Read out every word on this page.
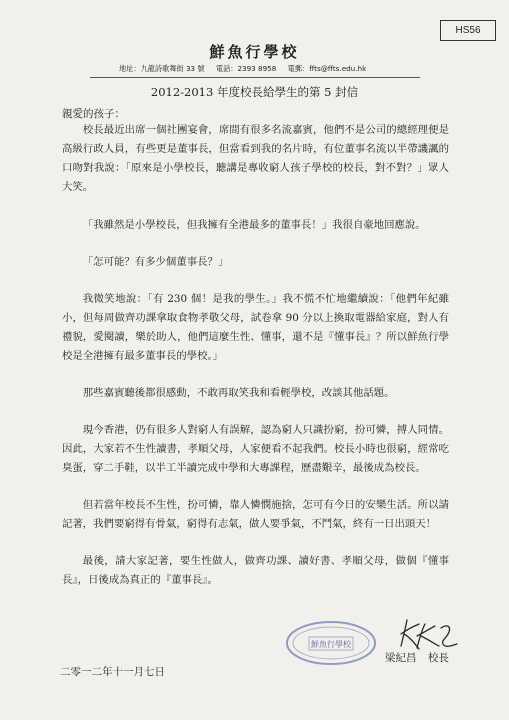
HS56
鮮魚行學校
地址：九龍詩歌舞街 33 號 電話：2393 8958 電郵：ffts@ffts.edu.hk
2012-2013 年度校長給學生的第 5 封信
親愛的孩子：

校長最近出席一個社團宴會，席間有很多名流嘉賓，他們不是公司的總經理便是高級行政人員，有些更是董事長，但當看到我的名片時，有位董事名流以半帶譏諷的口吻對我說：「原來是小學校長，聽講是專收窮人孩子學校的校長，對不對？」眾人大笑。

「我雖然是小學校長，但我擁有全港最多的董事長！」我很自豪地回應說。

「怎可能？有多少個董事長？」

我微笑地說：「有 230 個！是我的學生。」我不慌不忙地繼續說：「他們年紀雖小，但每周做齊功課拿取食物孝敬父母，試卷拿 90 分以上換取電器給家庭，對人有禮貌，愛閱讀，樂於助人，他們這麼生性、懂事，還不是『懂事長』？所以鮮魚行學校是全港擁有最多董事長的學校。」

那些嘉賓聽後都很感動，不敢再取笑我和看輕學校，改談其他話題。

現今香港，仍有很多人對窮人有誤解，認為窮人只識扮窮，扮可憐，搏人同情。因此，大家若不生性讀書，孝順父母，人家便看不起我們。校長小時也很窮，經常吃臭蛋，穿二手鞋，以半工半讀完成中學和大專課程，歷盡艱辛，最後成為校長。

但若當年校長不生性，扮可憐，靠人憐憫施捨，怎可有今日的安樂生活。所以請記著，我們要窮得有骨氣，窮得有志氣，做人要爭氣，不鬥氣，終有一日出頭天！

最後，請大家記著，要生性做人，做齊功課、讀好書、孝順父母，做個『懂事長』，日後成為真正的『董事長』。

鮮魚行學校
梁紀昌 校長
二零一二年十一月七日
